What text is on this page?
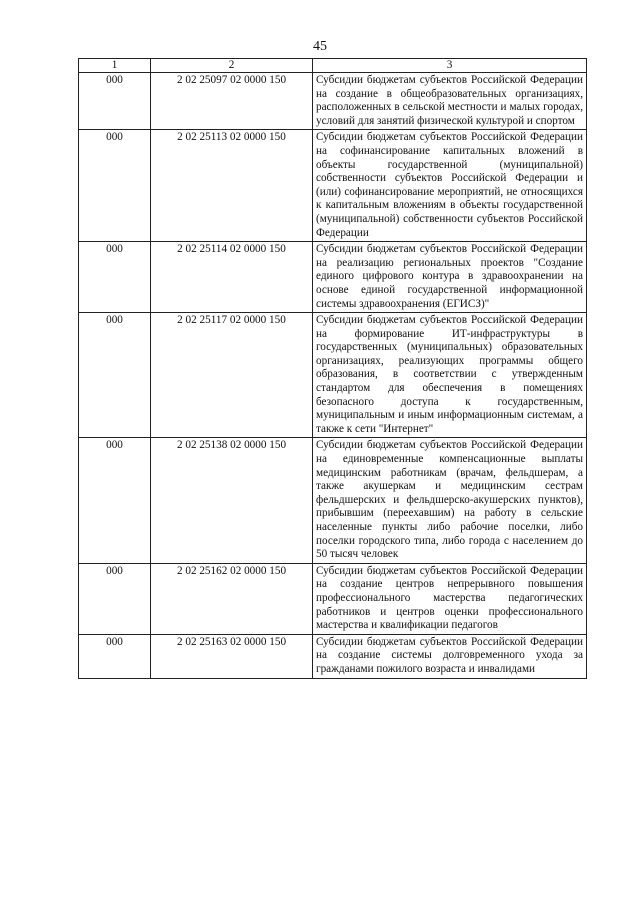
45
1	2	3
000	2 02 25097 02 0000 150	Субсидии бюджетам субъектов Российской Федерации на создание в общеобразовательных организациях, расположенных в сельской местности и малых городах, условий для занятий физической культурой и спортом
000	2 02 25113 02 0000 150	Субсидии бюджетам субъектов Российской Федерации на софинансирование капитальных вложений в объекты государственной (муниципальной) собственности субъектов Российской Федерации и (или) софинансирование мероприятий, не относящихся к капитальным вложениям в объекты государственной (муниципальной) собственности субъектов Российской Федерации
000	2 02 25114 02 0000 150	Субсидии бюджетам субъектов Российской Федерации на реализацию региональных проектов "Создание единого цифрового контура в здравоохранении на основе единой государственной информационной системы здравоохранения (ЕГИСЗ)"
000	2 02 25117 02 0000 150	Субсидии бюджетам субъектов Российской Федерации на формирование ИТ-инфраструктуры в государственных (муниципальных) образовательных организациях, реализующих программы общего образования, в соответствии с утвержденным стандартом для обеспечения в помещениях безопасного доступа к государственным, муниципальным и иным информационным системам, а также к сети "Интернет"
000	2 02 25138 02 0000 150	Субсидии бюджетам субъектов Российской Федерации на единовременные компенсационные выплаты медицинским работникам (врачам, фельдшерам, а также акушеркам и медицинским сестрам фельдшерских и фельдшерско-акушерских пунктов), прибывшим (переехавшим) на работу в сельские населенные пункты либо рабочие поселки, либо поселки городского типа, либо города с населением до 50 тысяч человек
000	2 02 25162 02 0000 150	Субсидии бюджетам субъектов Российской Федерации на создание центров непрерывного повышения профессионального мастерства педагогических работников и центров оценки профессионального мастерства и квалификации педагогов
000	2 02 25163 02 0000 150	Субсидии бюджетам субъектов Российской Федерации на создание системы долговременного ухода за гражданами пожилого возраста и инвалидами
